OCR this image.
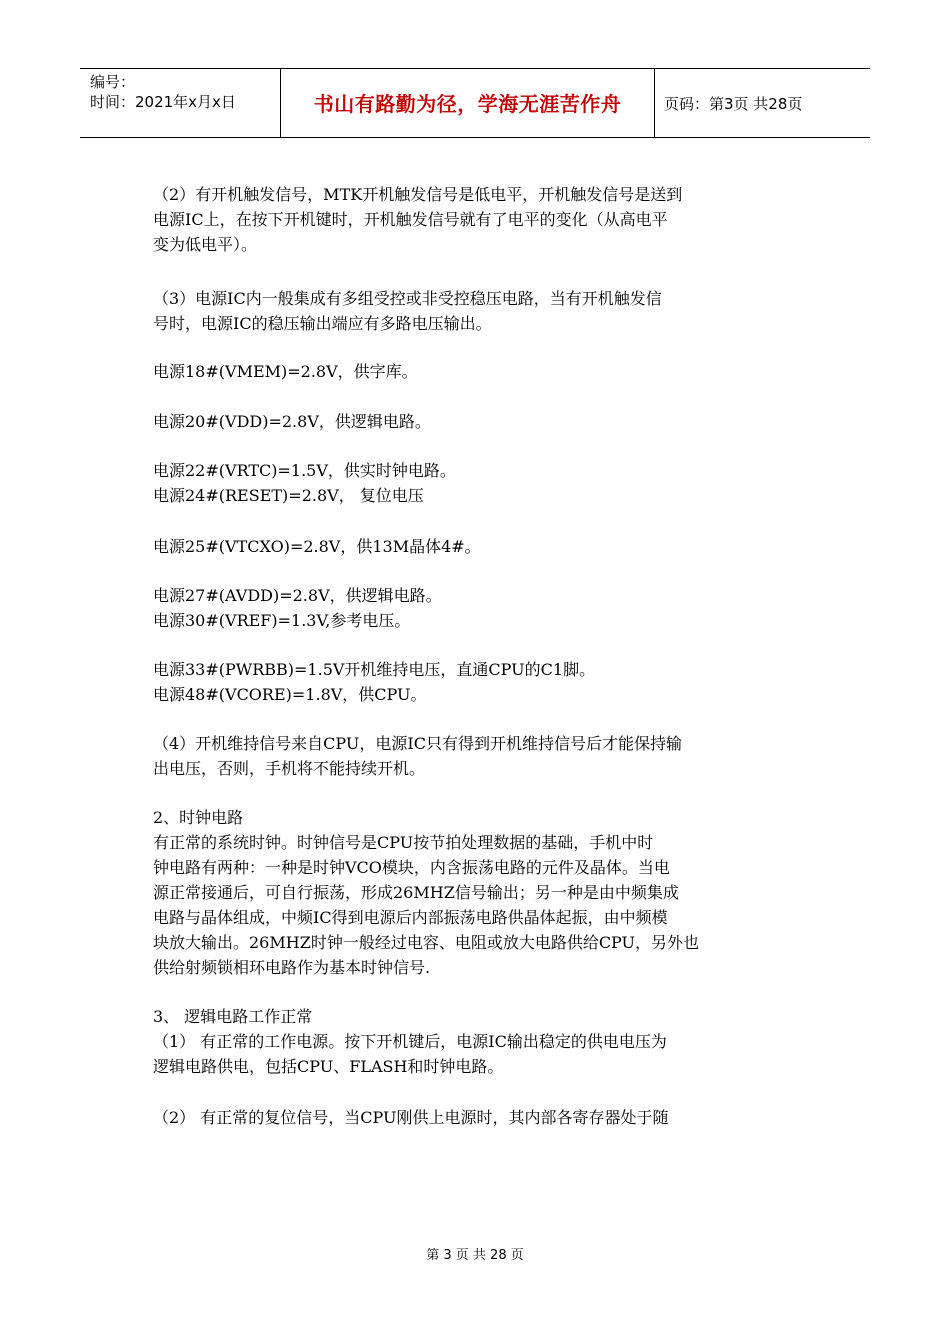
编号：
时间：2021年x月x日	书山有路勤为径，学海无涯苦作舟	页码：第3页 共28页
（2）有开机触发信号，MTK开机触发信号是低电平，开机触发信号是送到
电源IC上，在按下开机键时，开机触发信号就有了电平的变化（从高电平
变为低电平）。
（3）电源IC内一般集成有多组受控或非受控稳压电路，当有开机触发信
号时，电源IC的稳压输出端应有多路电压输出。
电源18#(VMEM)=2.8V，供字库。
电源20#(VDD)=2.8V，供逻辑电路。
电源22#(VRTC)=1.5V，供实时钟电路。
电源24#(RESET)=2.8V， 复位电压
电源25#(VTCXO)=2.8V，供13M晶体4#。
电源27#(AVDD)=2.8V，供逻辑电路。
电源30#(VREF)=1.3V,参考电压。
电源33#(PWRBB)=1.5V开机维持电压，直通CPU的C1脚。
电源48#(VCORE)=1.8V，供CPU。
（4）开机维持信号来自CPU，电源IC只有得到开机维持信号后才能保持输
出电压，否则，手机将不能持续开机。
2、时钟电路
有正常的系统时钟。时钟信号是CPU按节拍处理数据的基础，手机中时
钟电路有两种：一种是时钟VCO模块，内含振荡电路的元件及晶体。当电
源正常接通后，可自行振荡，形成26MHZ信号输出；另一种是由中频集成
电路与晶体组成，中频IC得到电源后内部振荡电路供晶体起振，由中频模
块放大输出。26MHZ时钟一般经过电容、电阻或放大电路供给CPU，另外也
供给射频锁相环电路作为基本时钟信号.
3、 逻辑电路工作正常
（1） 有正常的工作电源。按下开机键后，电源IC输出稳定的供电电压为
逻辑电路供电，包括CPU、FLASH和时钟电路。
（2） 有正常的复位信号，当CPU刚供上电源时，其内部各寄存器处于随
第 3 页 共 28 页
